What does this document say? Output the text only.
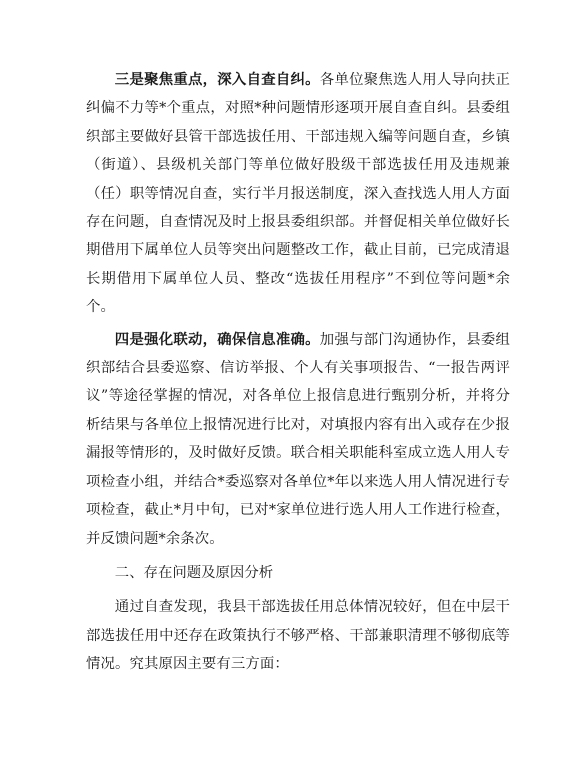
三是聚焦重点，深入自查自纠。各单位聚焦选人用人导向扶正纠偏不力等*个重点，对照*种问题情形逐项开展自查自纠。县委组织部主要做好县管干部选拔任用、干部违规入编等问题自查，乡镇（街道）、县级机关部门等单位做好股级干部选拔任用及违规兼（任）职等情况自查，实行半月报送制度，深入查找选人用人方面存在问题，自查情况及时上报县委组织部。并督促相关单位做好长期借用下属单位人员等突出问题整改工作，截止目前，已完成清退长期借用下属单位人员、整改“选拔任用程序”不到位等问题*余个。

四是强化联动，确保信息准确。加强与部门沟通协作，县委组织部结合县委巡察、信访举报、个人有关事项报告、“一报告两评议”等途径掌握的情况，对各单位上报信息进行甄别分析，并将分析结果与各单位上报情况进行比对，对填报内容有出入或存在少报漏报等情形的，及时做好反馈。联合相关职能科室成立选人用人专项检查小组，并结合*委巡察对各单位*年以来选人用人情况进行专项检查，截止*月中旬，已对*家单位进行选人用人工作进行检查，并反馈问题*余条次。

二、存在问题及原因分析

通过自查发现，我县干部选拔任用总体情况较好，但在中层干部选拔任用中还存在政策执行不够严格、干部兼职清理不够彻底等情况。究其原因主要有三方面：
